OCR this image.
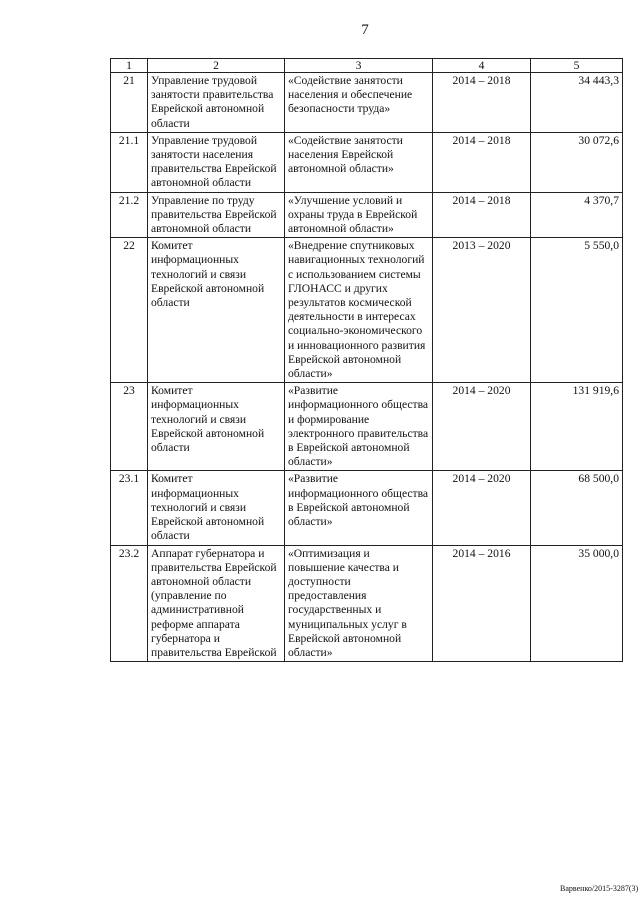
7
1	2	3	4	5
21	Управление трудовой занятости правительства Еврейской автономной области	«Содействие занятости населения и обеспечение безопасности труда»	2014 – 2018	34 443,3
21.1	Управление трудовой занятости населения правительства Еврейской автономной области	«Содействие занятости населения Еврейской автономной области»	2014 – 2018	30 072,6
21.2	Управление по труду правительства Еврейской автономной области	«Улучшение условий и охраны труда в Еврейской автономной области»	2014 – 2018	4 370,7
22	Комитет информационных технологий и связи Еврейской автономной области	«Внедрение спутниковых навигационных технологий с использованием системы ГЛОНАСС и других результатов космической деятельности в интересах социально-экономического и инновационного развития Еврейской автономной области»	2013 – 2020	5 550,0
23	Комитет информационных технологий и связи Еврейской автономной области	«Развитие информационного общества и формирование электронного правительства в Еврейской автономной области»	2014 – 2020	131 919,6
23.1	Комитет информационных технологий и связи Еврейской автономной области	«Развитие информационного общества в Еврейской автономной области»	2014 – 2020	68 500,0
23.2	Аппарат губернатора и правительства Еврейской автономной области (управление по административной реформе аппарата губернатора и правительства Еврейской	«Оптимизация и повышение качества и доступности предоставления государственных и муниципальных услуг в Еврейской автономной области»	2014 – 2016	35 000,0
Варвенко/2015-3287(3)
